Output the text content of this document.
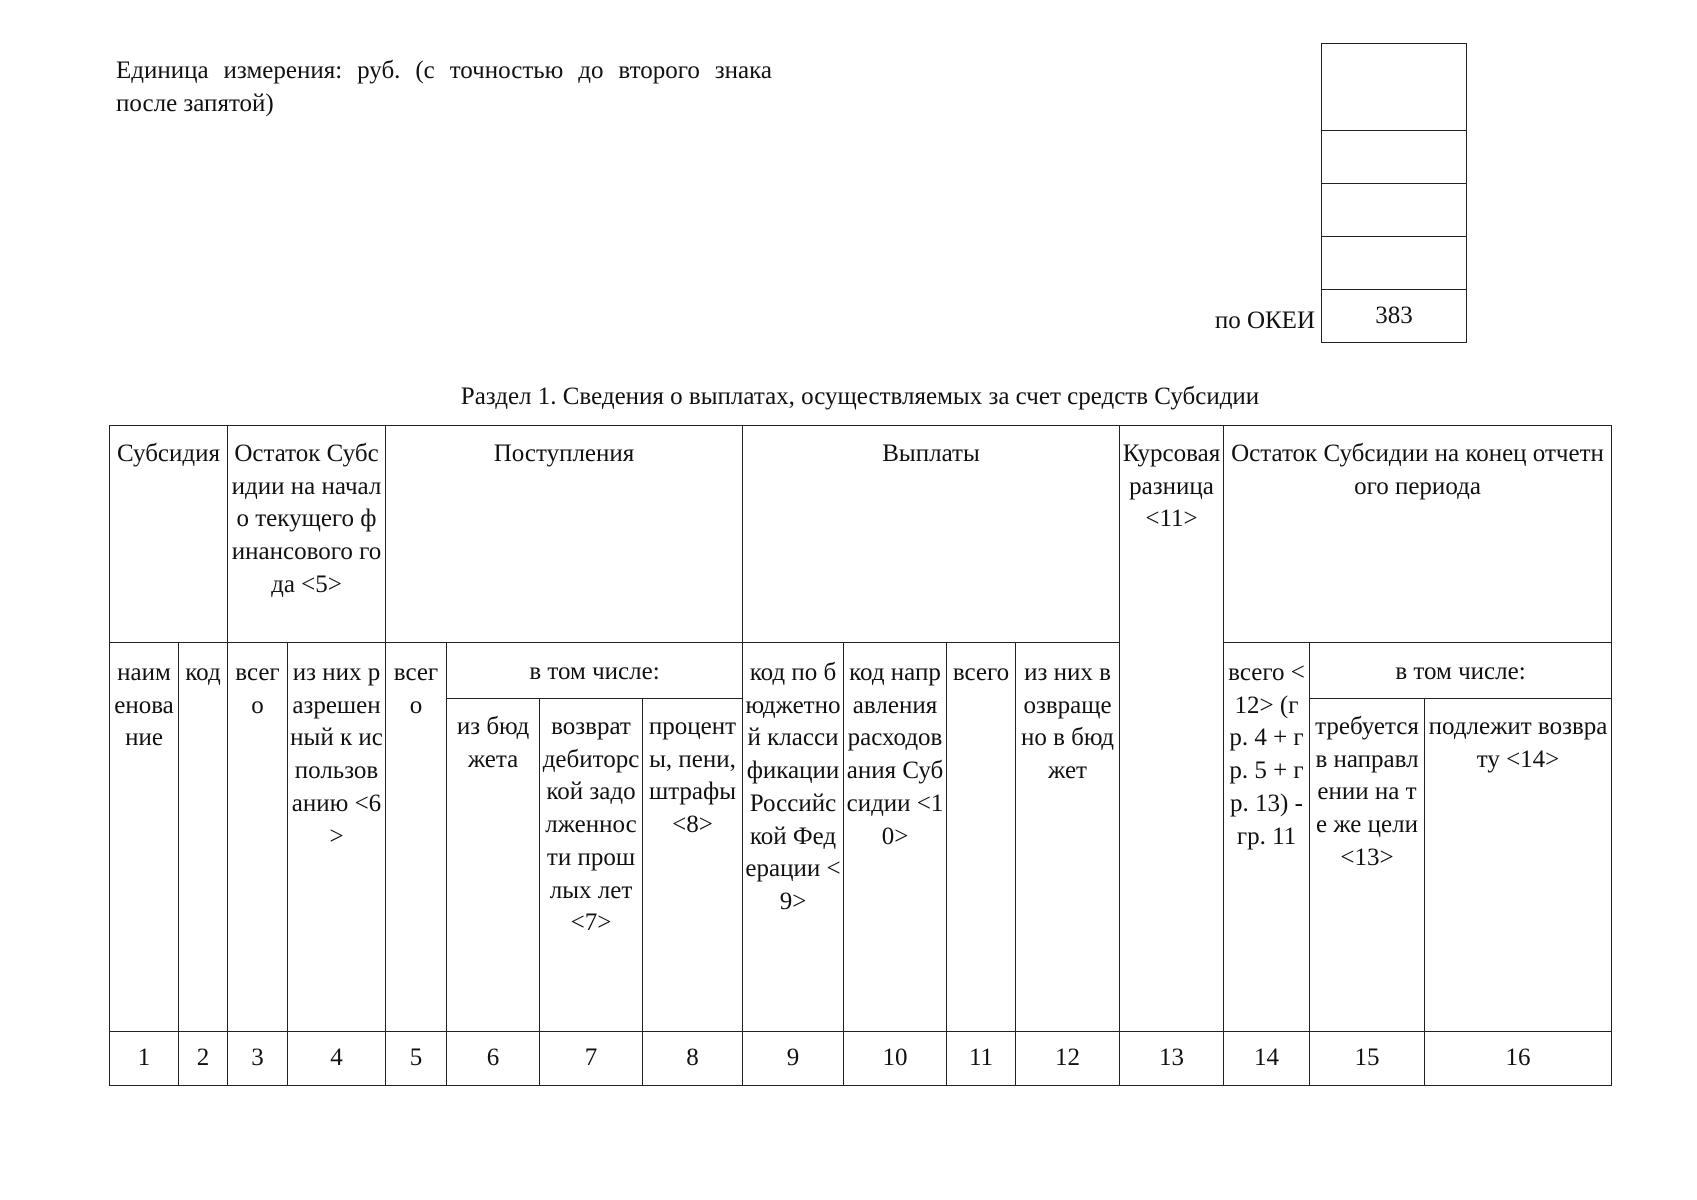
Единица измерения: руб. (с точностью до второго знака после запятой)

383
по ОКЕИ
Раздел 1. Сведения о выплатах, осуществляемых за счет средств Субсидии
Субсидия		Остаток Субсидии на начало текущего финансового года <5>		Поступления				Выплаты				Курсовая разница <11>	Остаток Субсидии на конец отчетного периода		
наименование	код	всего	из них разрешенный к использованию <6>	всего	в том числе:			код по бюджетной классификации Российской Федерации <9>	код направления расходования Субсидии <10>	всего	из них возвращено в бюджет		всего <12> (гр. 4 + гр. 5 + гр. 13) - гр. 11	в том числе:	
					из бюджета	возврат дебиторской задолженности прошлых лет <7>	проценты, пени, штрафы <8>							требуется в направлении на те же цели <13>	подлежит возврату <14>
1	2	3	4	5	6	7	8	9	10	11	12	13	14	15	16
